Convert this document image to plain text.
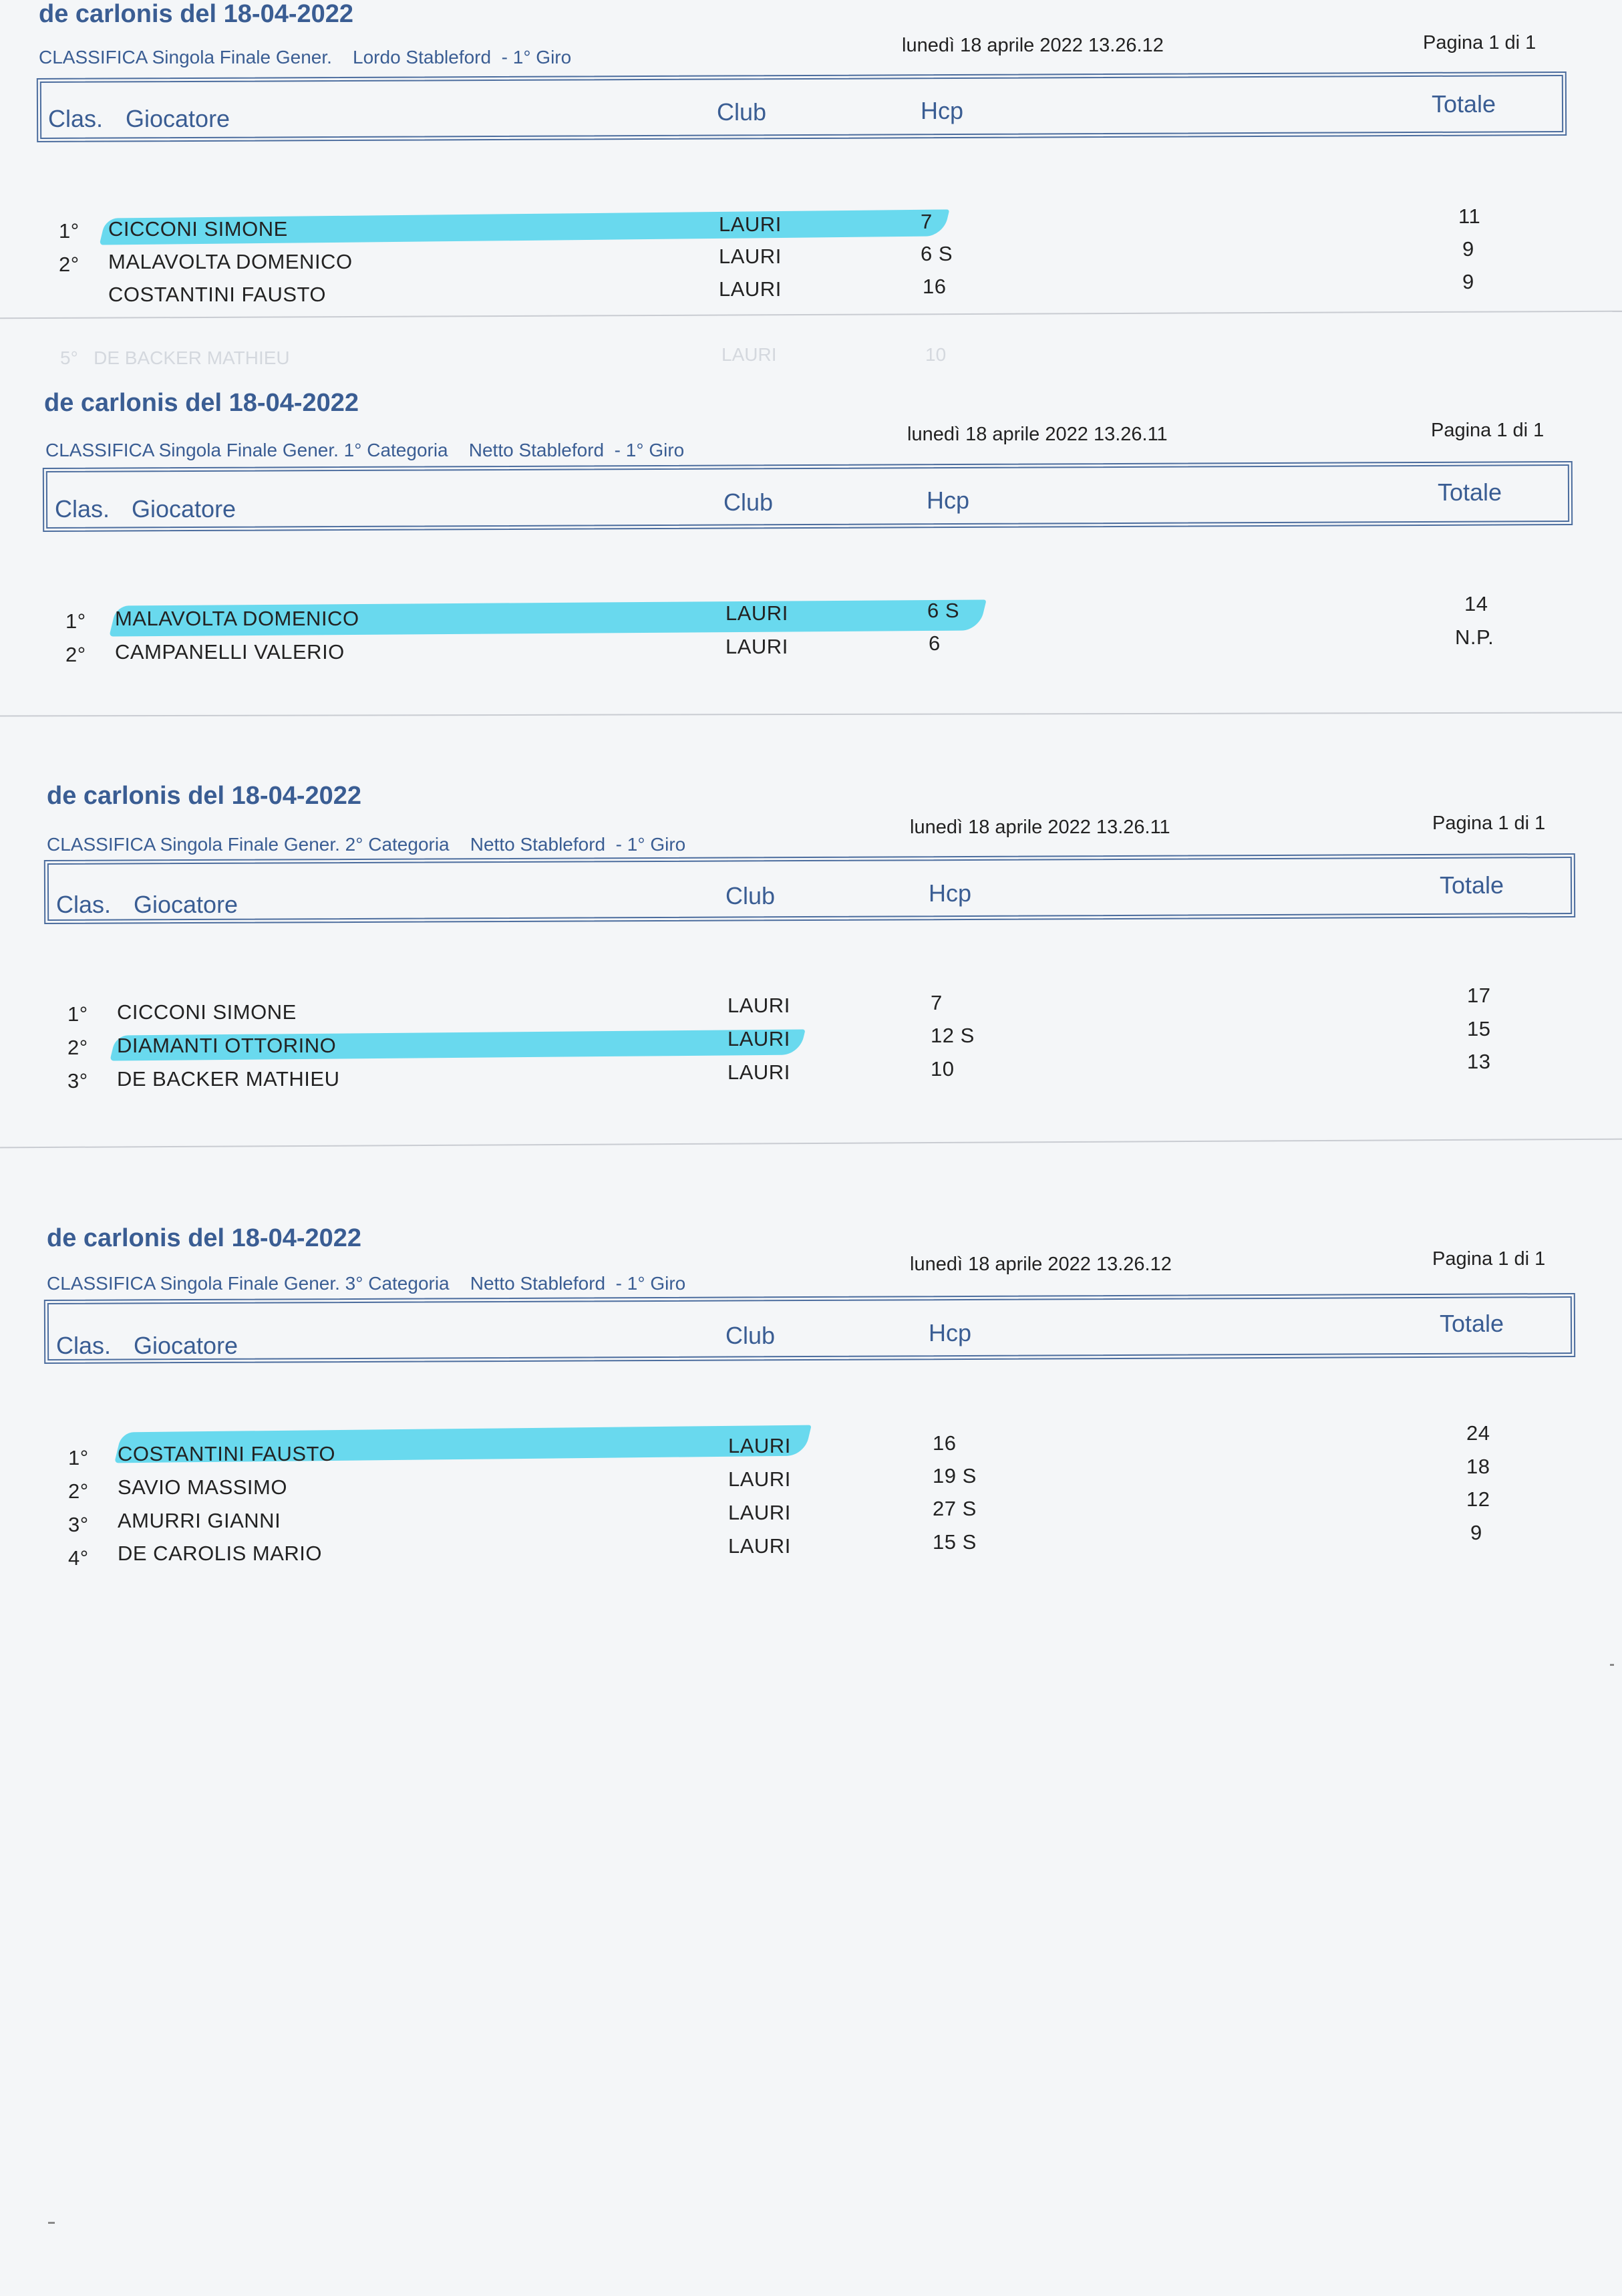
de carlonis del 18-04-2022
CLASSIFICA Singola Finale Gener. Lordo Stableford - 1° Giro
lunedì 18 aprile 2022 13.26.12	Pagina 1 di 1
Clas. Giocatore	Club	Hcp	Totale
1° CICCONI SIMONE	LAURI	7	11
2° MALAVOLTA DOMENICO	LAURI	6 S	9
COSTANTINI FAUSTO	LAURI	16	9
5°   DE BACKER MATHIEU	LAURI	10
de carlonis del 18-04-2022
CLASSIFICA Singola Finale Gener. 1° Categoria Netto Stableford - 1° Giro
lunedì 18 aprile 2022 13.26.11	Pagina 1 di 1
Clas. Giocatore	Club	Hcp	Totale
1° MALAVOLTA DOMENICO	LAURI	6 S	14
2° CAMPANELLI VALERIO	LAURI	6	N.P.
de carlonis del 18-04-2022
CLASSIFICA Singola Finale Gener. 2° Categoria Netto Stableford - 1° Giro
lunedì 18 aprile 2022 13.26.11	Pagina 1 di 1
Clas. Giocatore	Club	Hcp	Totale
1° CICCONI SIMONE	LAURI	7	17
2° DIAMANTI OTTORINO	LAURI	12 S	15
3° DE BACKER MATHIEU	LAURI	10	13
de carlonis del 18-04-2022
CLASSIFICA Singola Finale Gener. 3° Categoria Netto Stableford - 1° Giro
lunedì 18 aprile 2022 13.26.12	Pagina 1 di 1
Clas. Giocatore	Club	Hcp	Totale
1° COSTANTINI FAUSTO	LAURI	16	24
2° SAVIO MASSIMO	LAURI	19 S	18
3° AMURRI GIANNI	LAURI	27 S	12
4° DE CAROLIS MARIO	LAURI	15 S	9
